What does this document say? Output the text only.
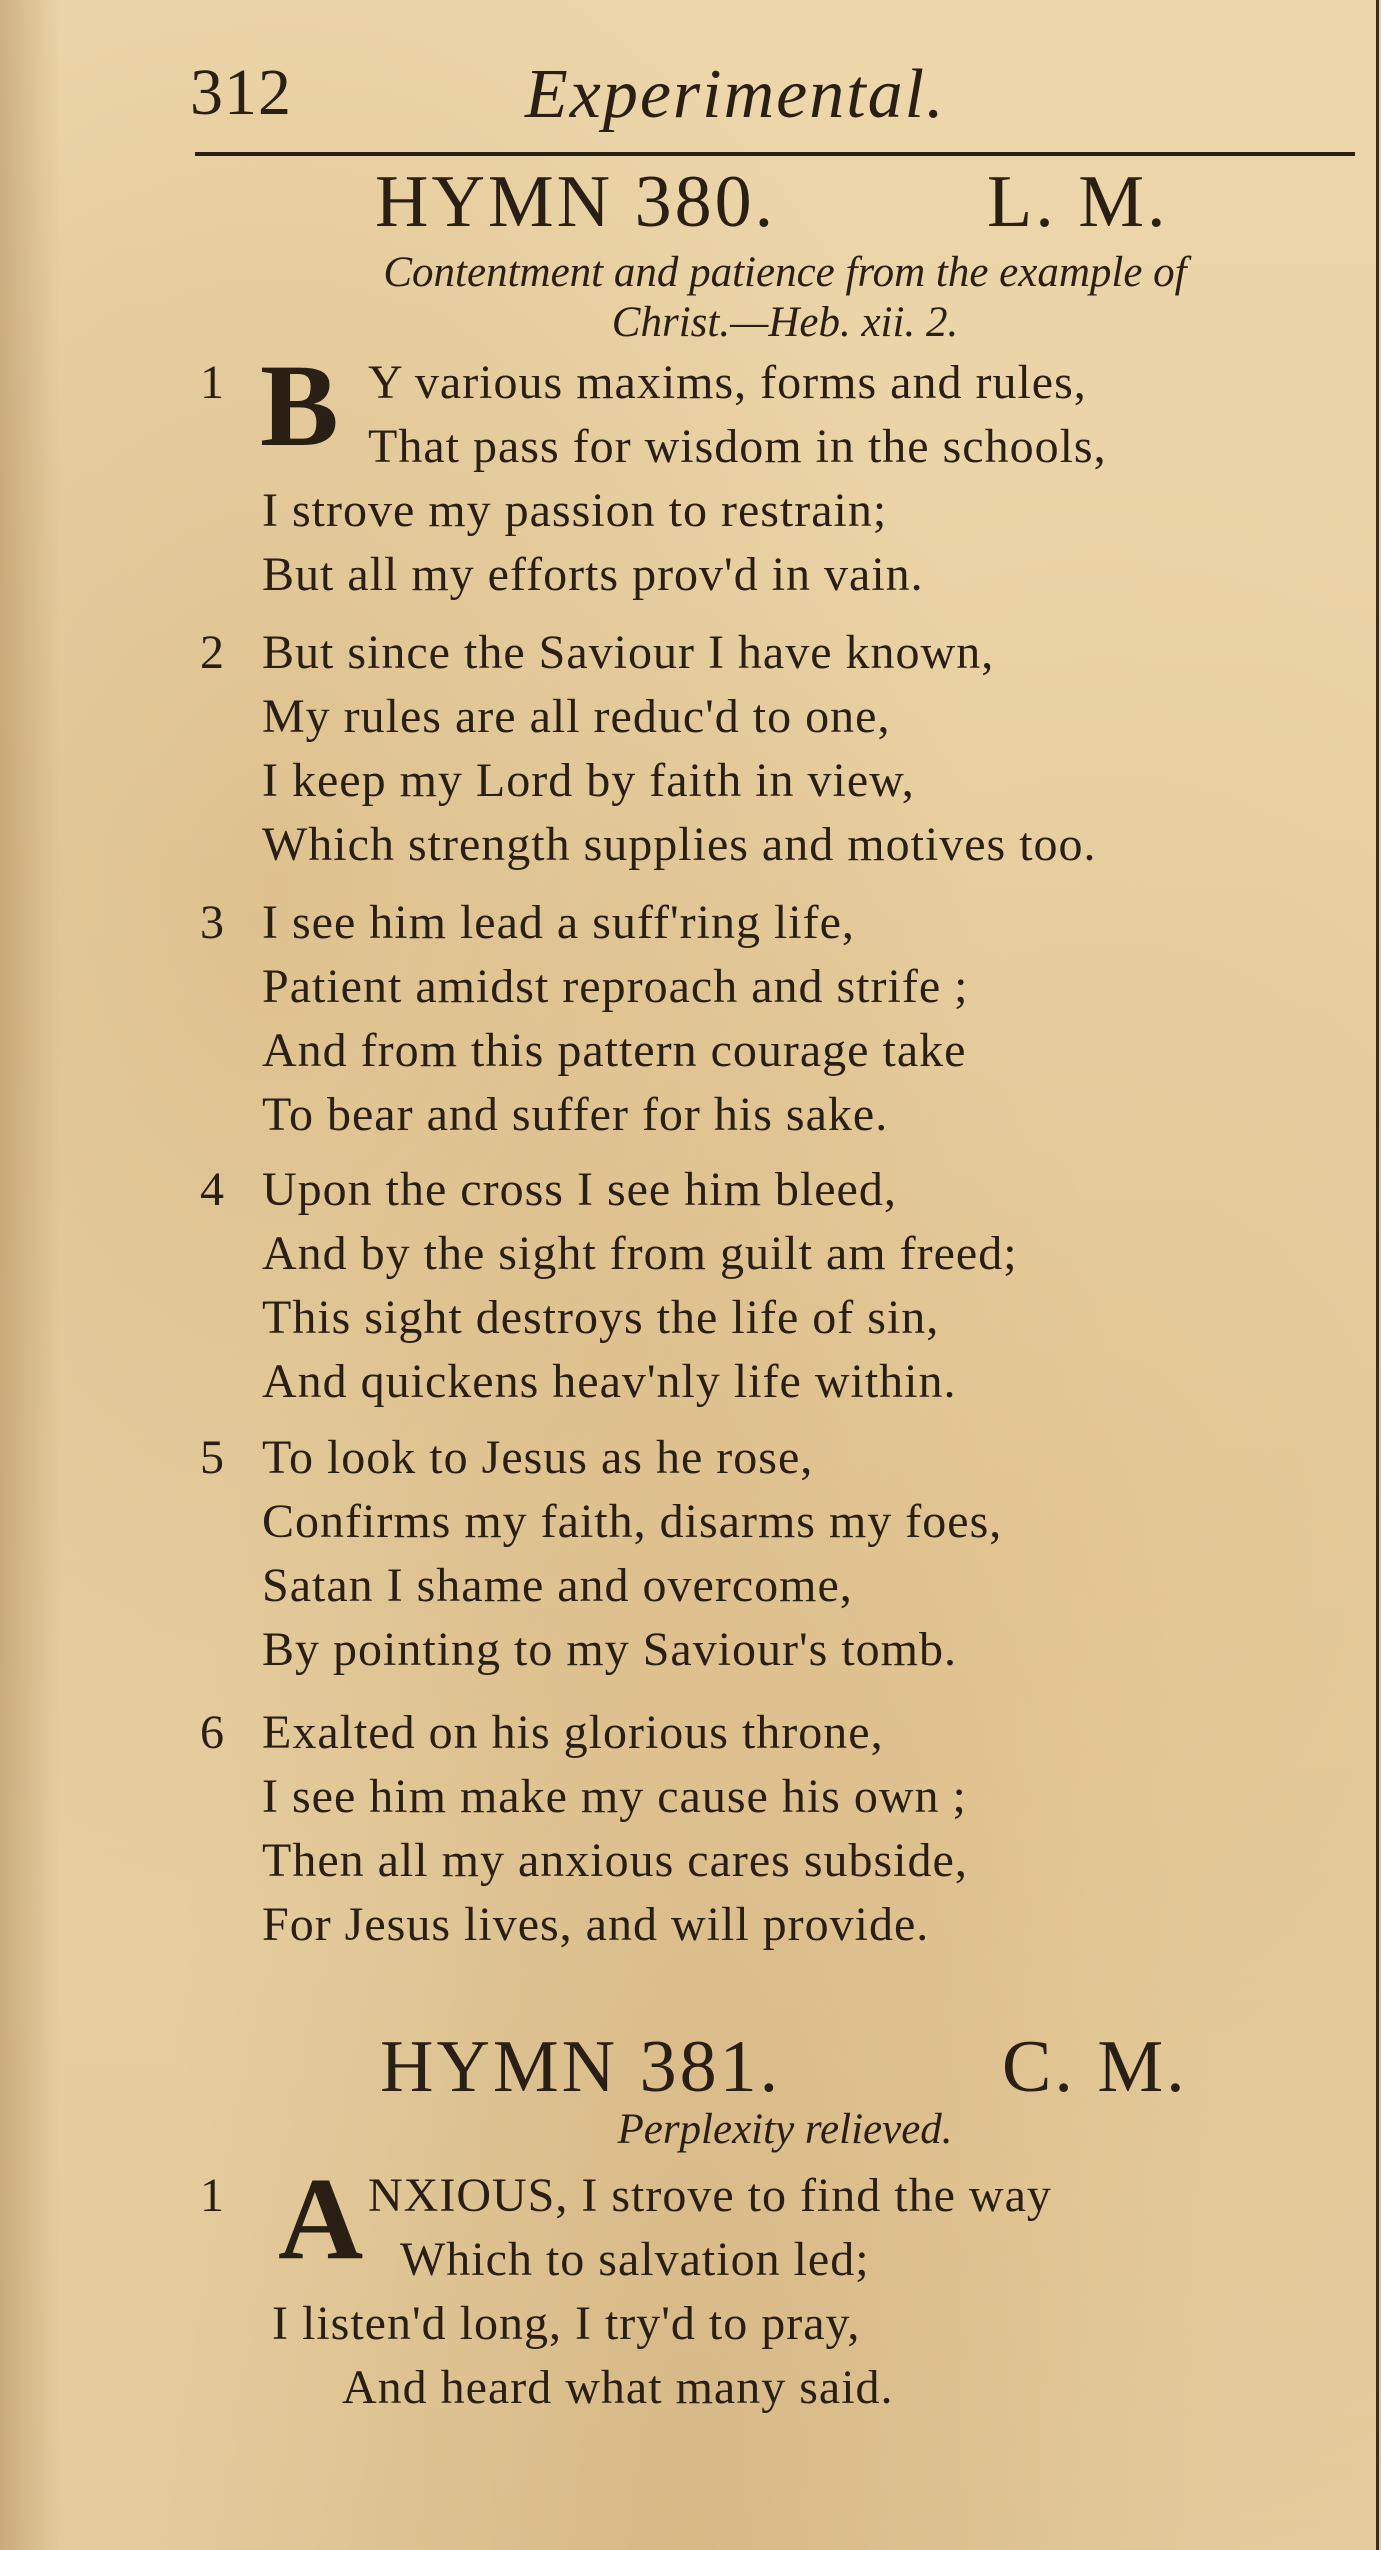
312	Experimental.
HYMN 380.	L. M.
Contentment and patience from the example of
Christ.—Heb. xii. 2.
1 B Y various maxims, forms and rules,
That pass for wisdom in the schools,
I strove my passion to restrain;
But all my efforts prov'd in vain.
2 But since the Saviour I have known,
My rules are all reduc'd to one,
I keep my Lord by faith in view,
Which strength supplies and motives too.
3 I see him lead a suff'ring life,
Patient amidst reproach and strife ;
And from this pattern courage take
To bear and suffer for his sake.
4 Upon the cross I see him bleed,
And by the sight from guilt am freed;
This sight destroys the life of sin,
And quickens heav'nly life within.
5 To look to Jesus as he rose,
Confirms my faith, disarms my foes,
Satan I shame and overcome,
By pointing to my Saviour's tomb.
6 Exalted on his glorious throne,
I see him make my cause his own ;
Then all my anxious cares subside,
For Jesus lives, and will provide.
HYMN 381.	C. M.
Perplexity relieved.
1 A NXIOUS, I strove to find the way
Which to salvation led;
I listen'd long, I try'd to pray,
And heard what many said.
